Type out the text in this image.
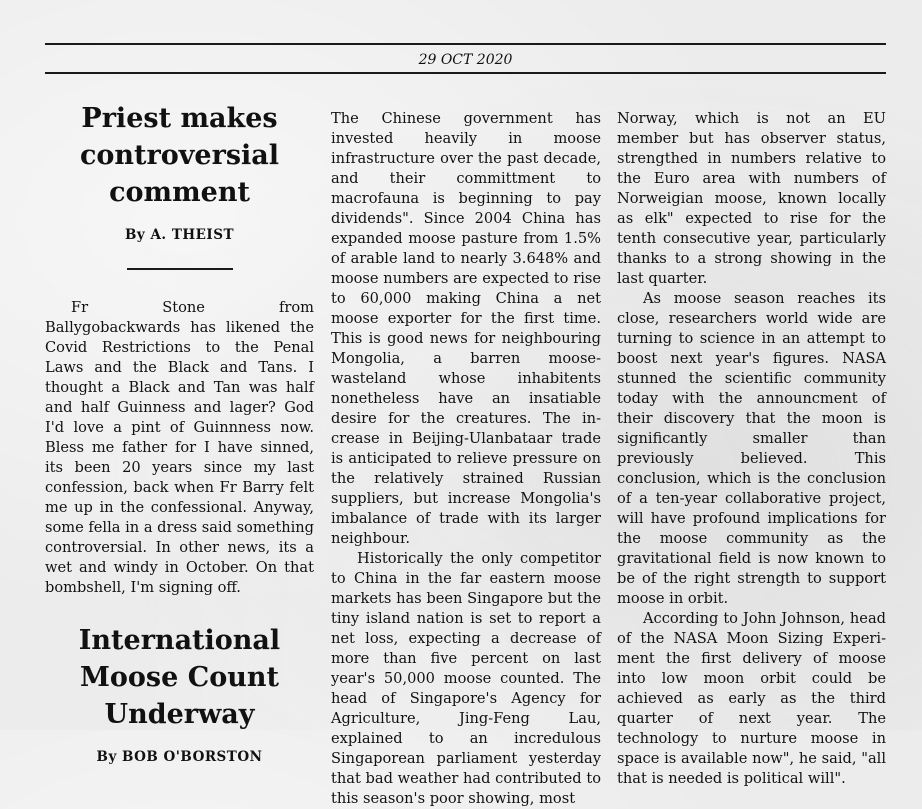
29 OCT 2020
Priest makes controversial comment
By A. THEIST

Fr Stone from Ballygobackwards has likened the Covid Restrictions to the Penal Laws and the Black and Tans. I thought a Black and Tan was half and half Guinness and lager? God I'd love a pint of Guinnness now. Bless me father for I have sinned, its been 20 years since my last confession, back when Fr Barry felt me up in the confessional. Anyway, some fella in a dress said something controversial. In other news, its a wet and windy in October. On that bombshell, I'm signing off.

International Moose Count Underway
By BOB O'BORSTON

The Chinese government has invested heavily in moose infrastructure over the past decade, and their committment to macrofauna is beginning to pay dividends". Since 2004 China has expanded moose pasture from 1.5% of arable land to nearly 3.648% and moose numbers are expected to rise to 60,000 making China a net moose exporter for the first time. This is good news for neighbouring Mongolia, a barren moose-wasteland whose inhabitents nonetheless have an insatiable desire for the creatures. The increase in Beijing-Ulanbataar trade is anticipated to relieve pressure on the relatively strained Russian suppliers, but increase Mongolia's imbalance of trade with its larger neighbour.

Historically the only competitor to China in the far eastern moose markets has been Singapore but the tiny island nation is set to report a net loss, expecting a decrease of more than five percent on last year's 50,000 moose counted. The head of Singapore's Agency for Agriculture, Jing-Feng Lau, explained to an incredulous Singaporean parliament yesterday that bad weather had contributed to this season's poor showing, most

Norway, which is not an EU member but has observer status, strengthed in numbers relative to the Euro area with numbers of Norweigian moose, known locally as elk" expected to rise for the tenth consecutive year, particularly thanks to a strong showing in the last quarter.

As moose season reaches its close, researchers world wide are turning to science in an attempt to boost next year's figures. NASA stunned the scientific community today with the announcment of their discovery that the moon is significantly smaller than previously believed. This conclusion, which is the conclusion of a ten-year collaborative project, will have profound implications for the moose community as the gravitational field is now known to be of the right strength to support moose in orbit.

According to John Johnson, head of the NASA Moon Sizing Experiment the first delivery of moose into low moon orbit could be achieved as early as the third quarter of next year. The technology to nurture moose in space is available now", he said, "all that is needed is political will".
